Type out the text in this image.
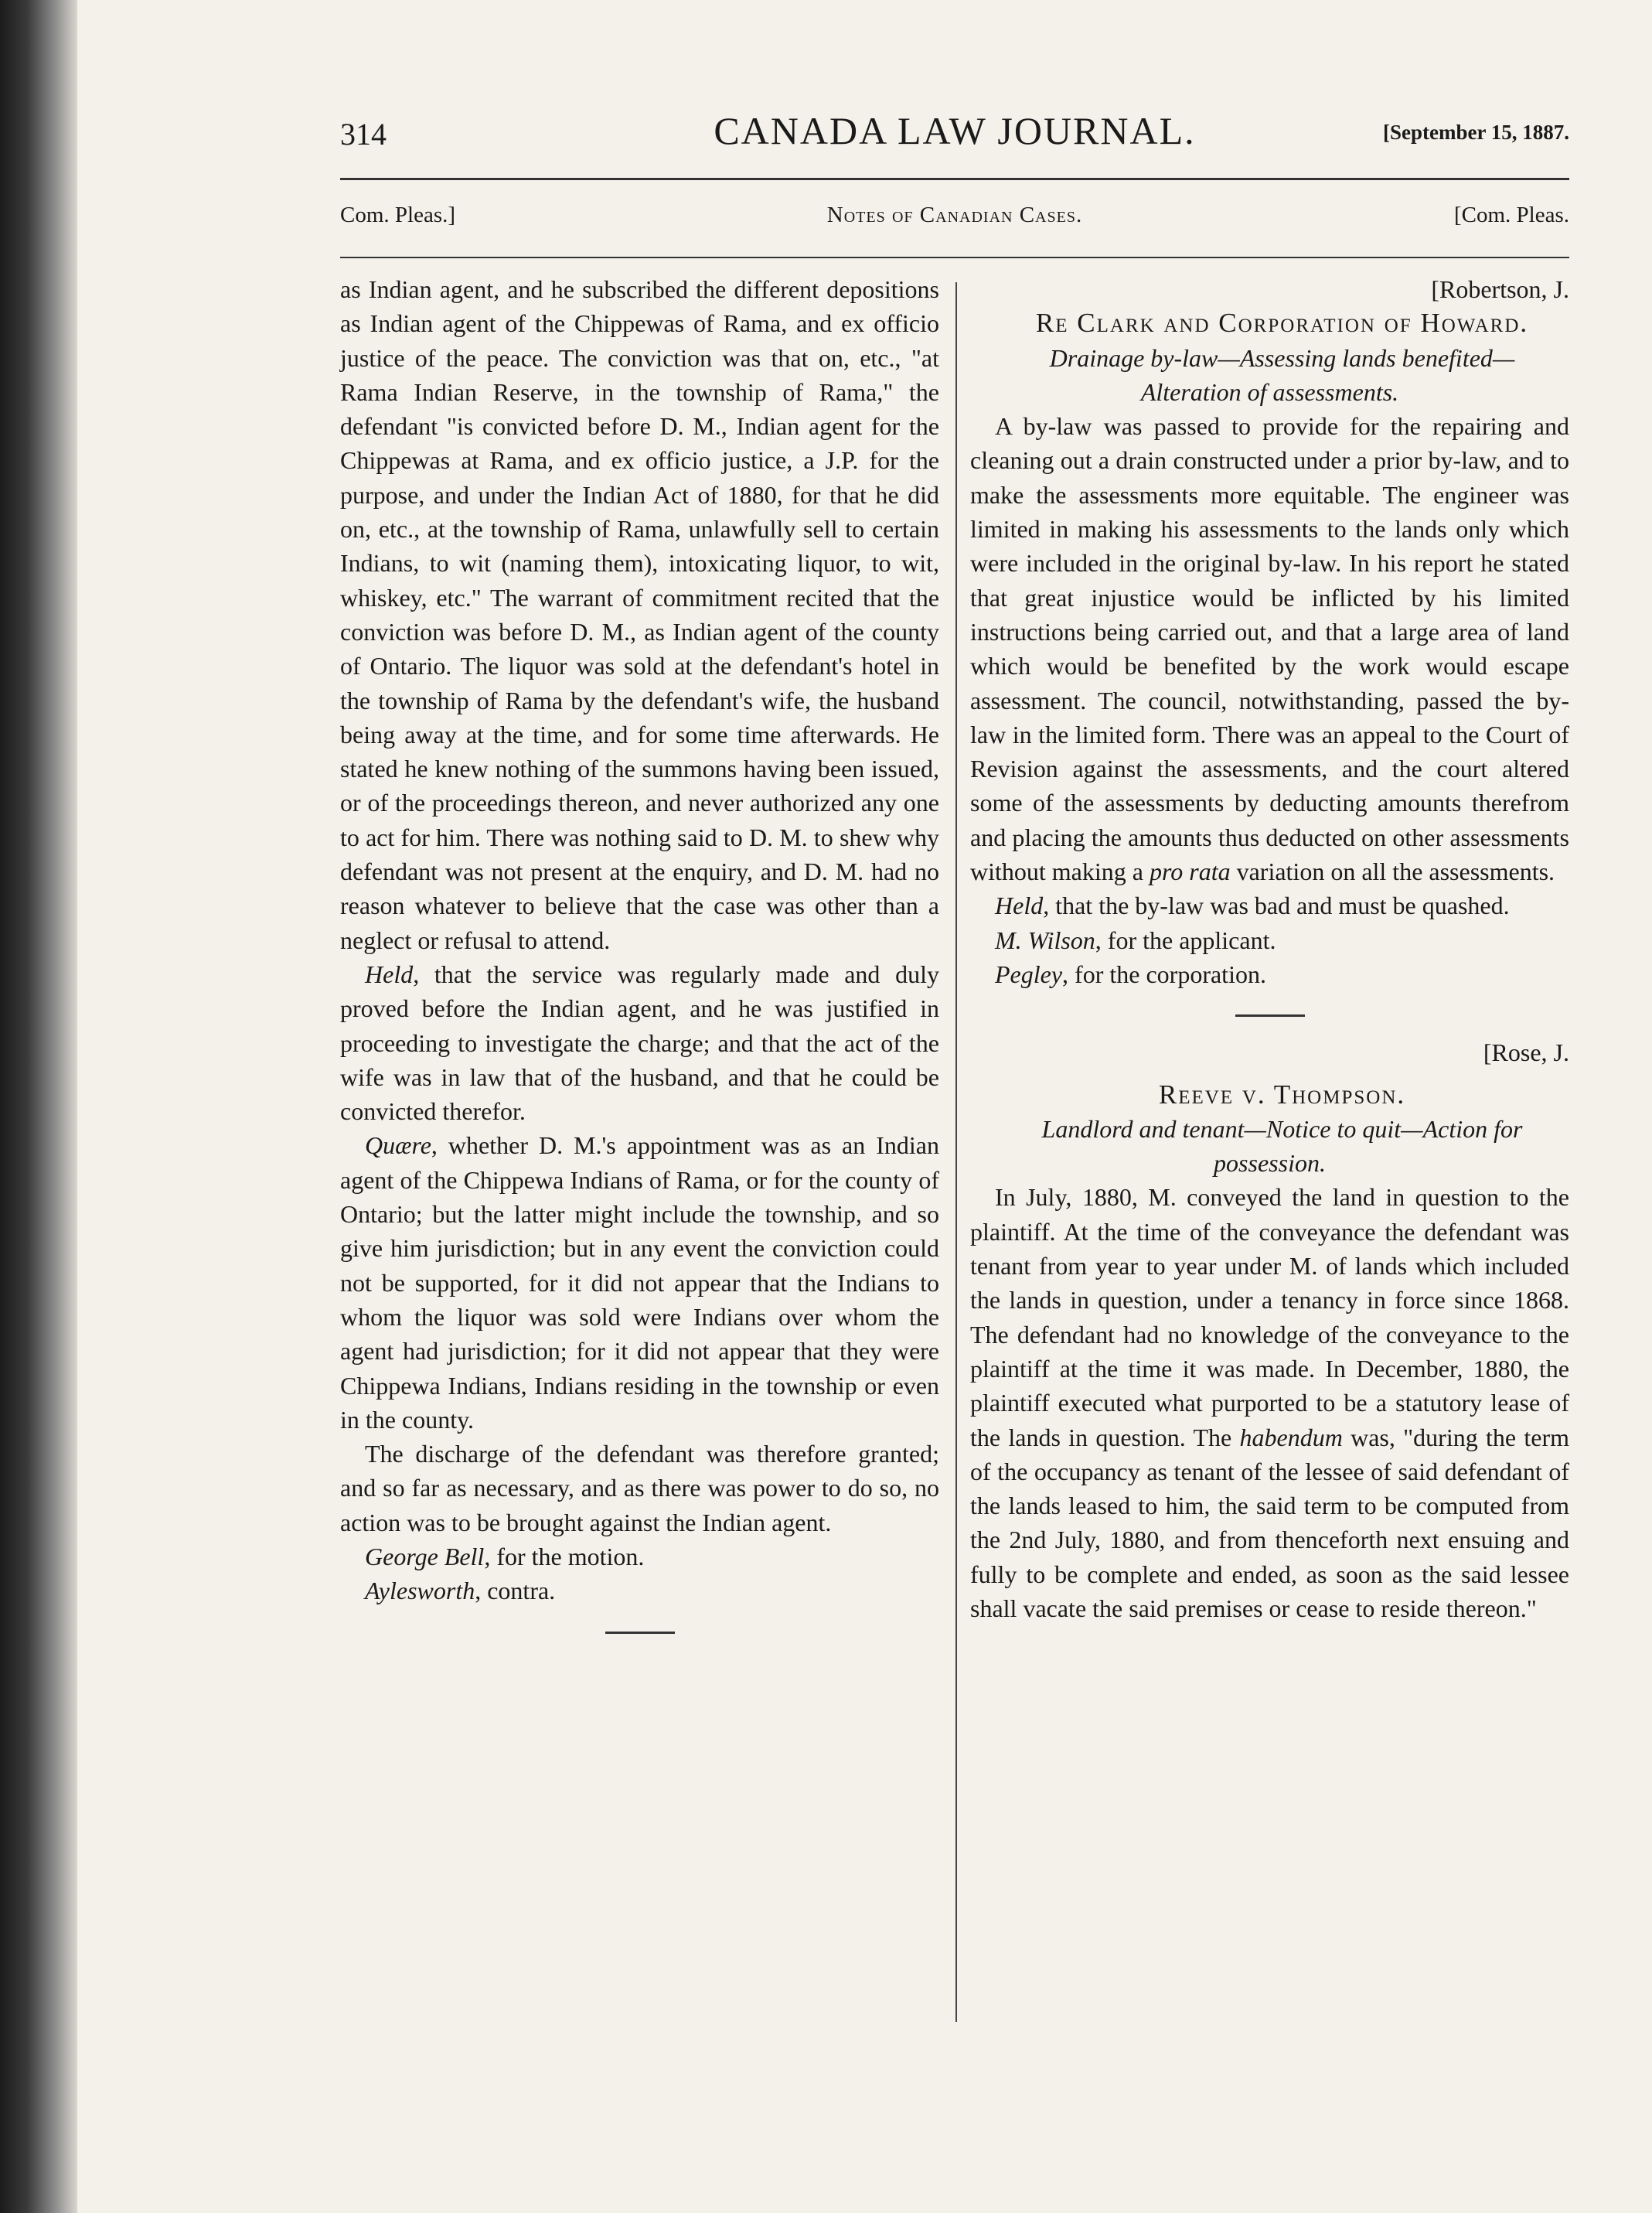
314	CANADA LAW JOURNAL.	[September 15, 1887.
Com. Pleas.]	Notes of Canadian Cases.	[Com. Pleas.

as Indian agent, and he subscribed the different depositions as Indian agent of the Chippewas of Rama, and ex officio justice of the peace. The conviction was that on, etc., "at Rama Indian Reserve, in the township of Rama," the defendant "is convicted before D. M., Indian agent for the Chippewas at Rama, and ex officio justice, a J.P. for the purpose, and under the Indian Act of 1880, for that he did on, etc., at the township of Rama, unlawfully sell to certain Indians, to wit (naming them), intoxicating liquor, to wit, whiskey, etc." The warrant of commitment recited that the conviction was before D. M., as Indian agent of the county of Ontario. The liquor was sold at the defendant's hotel in the township of Rama by the defendant's wife, the husband being away at the time, and for some time afterwards. He stated he knew nothing of the summons having been issued, or of the proceedings thereon, and never authorized any one to act for him. There was nothing said to D. M. to shew why defendant was not present at the enquiry, and D. M. had no reason whatever to believe that the case was other than a neglect or refusal to attend.

Held, that the service was regularly made and duly proved before the Indian agent, and he was justified in proceeding to investigate the charge; and that the act of the wife was in law that of the husband, and that he could be convicted therefor.

Quære, whether D. M.'s appointment was as an Indian agent of the Chippewa Indians of Rama, or for the county of Ontario; but the latter might include the township, and so give him jurisdiction; but in any event the conviction could not be supported, for it did not appear that the Indians to whom the liquor was sold were Indians over whom the agent had jurisdiction; for it did not appear that they were Chippewa Indians, Indians residing in the township or even in the county.

The discharge of the defendant was therefore granted; and so far as necessary, and as there was power to do so, no action was to be brought against the Indian agent.

George Bell, for the motion.

Aylesworth, contra.

[Robertson, J.

Re Clark and Corporation of Howard.

Drainage by-law—Assessing lands benefited—Alteration of assessments.

A by-law was passed to provide for the repairing and cleaning out a drain constructed under a prior by-law, and to make the assessments more equitable. The engineer was limited in making his assessments to the lands only which were included in the original by-law. In his report he stated that great injustice would be inflicted by his limited instructions being carried out, and that a large area of land which would be benefited by the work would escape assessment. The council, notwithstanding, passed the by-law in the limited form. There was an appeal to the Court of Revision against the assessments, and the court altered some of the assessments by deducting amounts therefrom and placing the amounts thus deducted on other assessments without making a pro rata variation on all the assessments.

Held, that the by-law was bad and must be quashed.

M. Wilson, for the applicant.

Pegley, for the corporation.

[Rose, J.

Reeve v. Thompson.

Landlord and tenant—Notice to quit—Action for possession.

In July, 1880, M. conveyed the land in question to the plaintiff. At the time of the conveyance the defendant was tenant from year to year under M. of lands which included the lands in question, under a tenancy in force since 1868. The defendant had no knowledge of the conveyance to the plaintiff at the time it was made. In December, 1880, the plaintiff executed what purported to be a statutory lease of the lands in question. The habendum was, "during the term of the occupancy as tenant of the lessee of said defendant of the lands leased to him, the said term to be computed from the 2nd July, 1880, and from thenceforth next ensuing and fully to be complete and ended, as soon as the said lessee shall vacate the said premises or cease to reside thereon."
